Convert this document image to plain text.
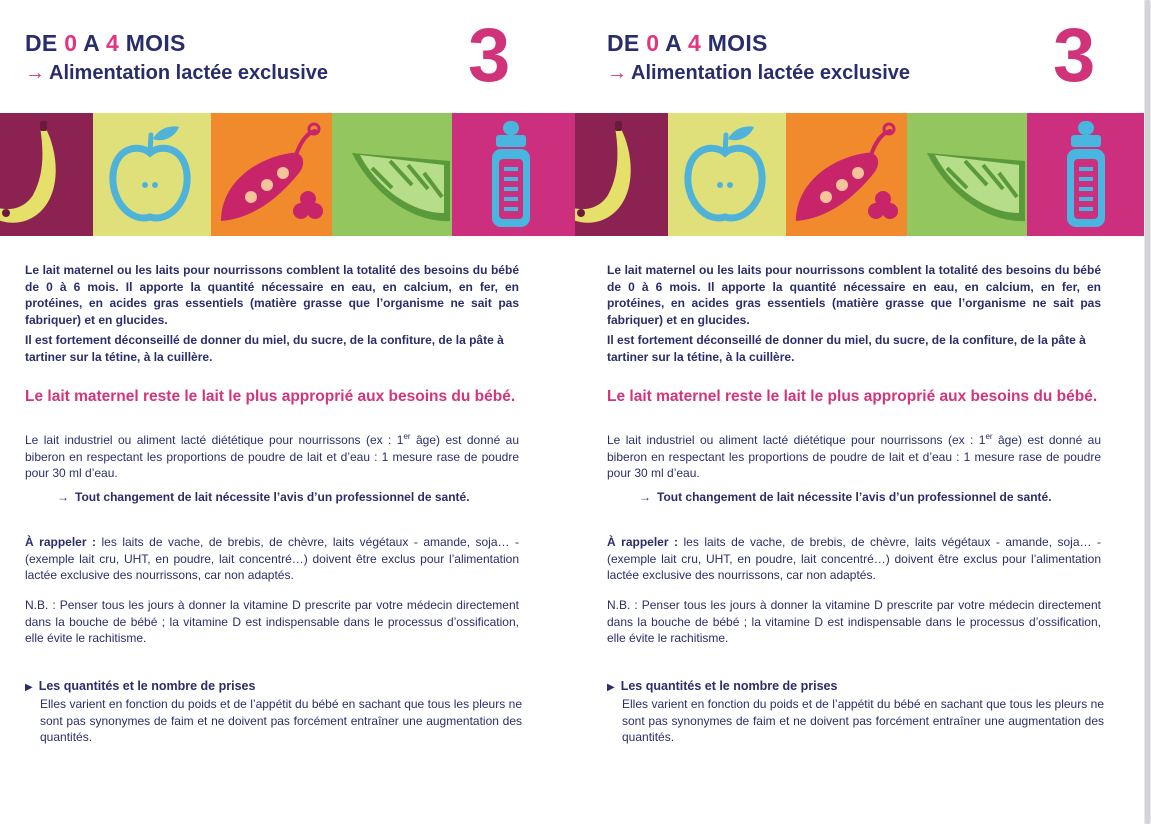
DE 0 A 4 MOIS
→ Alimentation lactée exclusive 3

Le lait maternel ou les laits pour nourrissons comblent la totalité des besoins du bébé de 0 à 6 mois. Il apporte la quantité nécessaire en eau, en calcium, en fer, en protéines, en acides gras essentiels (matière grasse que l’organisme ne sait pas fabriquer) et en glucides.

Il est fortement déconseillé de donner du miel, du sucre, de la confiture, de la pâte à tartiner sur la tétine, à la cuillère.

Le lait maternel reste le lait le plus approprié aux besoins du bébé.

Le lait industriel ou aliment lacté diététique pour nourrissons (ex : 1er âge) est donné au biberon en respectant les proportions de poudre de lait et d’eau : 1 mesure rase de poudre pour 30 ml d’eau.

→ Tout changement de lait nécessite l’avis d’un professionnel de santé.

À rappeler : les laits de vache, de brebis, de chèvre, laits végétaux - amande, soja… - (exemple lait cru, UHT, en poudre, lait concentré…) doivent être exclus pour l’alimentation lactée exclusive des nourrissons, car non adaptés.

N.B. : Penser tous les jours à donner la vitamine D prescrite par votre médecin directement dans la bouche de bébé ; la vitamine D est indispensable dans le processus d’ossification, elle évite le rachitisme.

▶ Les quantités et le nombre de prises

Elles varient en fonction du poids et de l’appétit du bébé en sachant que tous les pleurs ne sont pas synonymes de faim et ne doivent pas forcément entraîner une augmentation des quantités.

DE 0 A 4 MOIS
→ Alimentation lactée exclusive 3

Le lait maternel ou les laits pour nourrissons comblent la totalité des besoins du bébé de 0 à 6 mois. Il apporte la quantité nécessaire en eau, en calcium, en fer, en protéines, en acides gras essentiels (matière grasse que l’organisme ne sait pas fabriquer) et en glucides.

Il est fortement déconseillé de donner du miel, du sucre, de la confiture, de la pâte à tartiner sur la tétine, à la cuillère.

Le lait maternel reste le lait le plus approprié aux besoins du bébé.

Le lait industriel ou aliment lacté diététique pour nourrissons (ex : 1er âge) est donné au biberon en respectant les proportions de poudre de lait et d’eau : 1 mesure rase de poudre pour 30 ml d’eau.

→ Tout changement de lait nécessite l’avis d’un professionnel de santé.

À rappeler : les laits de vache, de brebis, de chèvre, laits végétaux - amande, soja… - (exemple lait cru, UHT, en poudre, lait concentré…) doivent être exclus pour l’alimentation lactée exclusive des nourrissons, car non adaptés.

N.B. : Penser tous les jours à donner la vitamine D prescrite par votre médecin directement dans la bouche de bébé ; la vitamine D est indispensable dans le processus d’ossification, elle évite le rachitisme.

▶ Les quantités et le nombre de prises

Elles varient en fonction du poids et de l’appétit du bébé en sachant que tous les pleurs ne sont pas synonymes de faim et ne doivent pas forcément entraîner une augmentation des quantités.
